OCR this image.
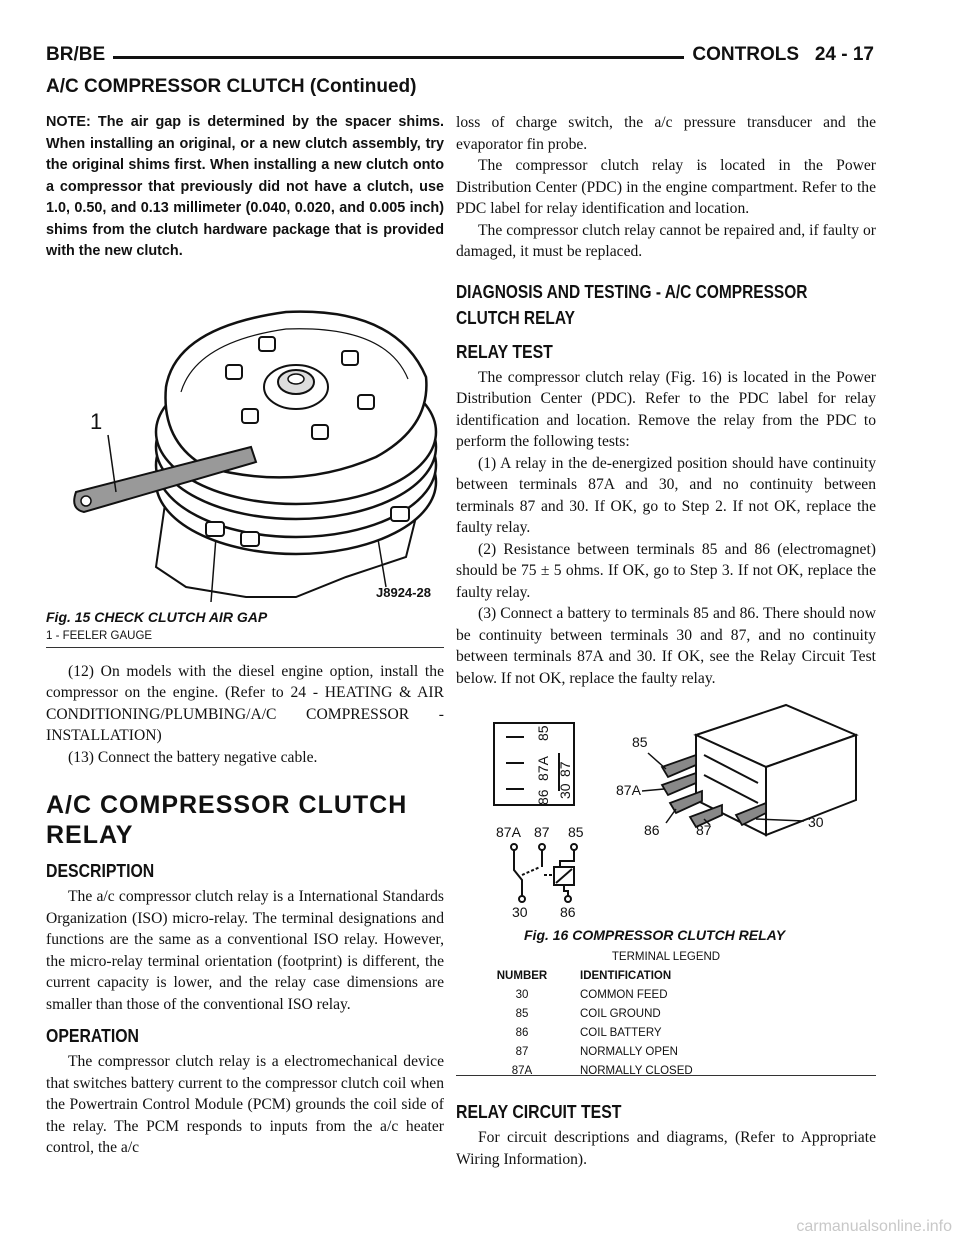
BR/BE	CONTROLS 24 - 17
A/C COMPRESSOR CLUTCH (Continued)

NOTE: The air gap is determined by the spacer shims. When installing an original, or a new clutch assembly, try the original shims first. When installing a new clutch onto a compressor that previously did not have a clutch, use 1.0, 0.50, and 0.13 millimeter (0.040, 0.020, and 0.005 inch) shims from the clutch hardware package that is provided with the new clutch.

1
J8924-28
Fig. 15 CHECK CLUTCH AIR GAP
1 - FEELER GAUGE

(12) On models with the diesel engine option, install the compressor on the engine. (Refer to 24 - HEATING & AIR CONDITIONING/PLUMBING/A/C COMPRESSOR - INSTALLATION)

(13) Connect the battery negative cable.

A/C COMPRESSOR CLUTCH RELAY
DESCRIPTION

The a/c compressor clutch relay is a International Standards Organization (ISO) micro-relay. The terminal designations and functions are the same as a conventional ISO relay. However, the micro-relay terminal orientation (footprint) is different, the current capacity is lower, and the relay case dimensions are smaller than those of the conventional ISO relay.

OPERATION

The compressor clutch relay is a electromechanical device that switches battery current to the compressor clutch coil when the Powertrain Control Module (PCM) grounds the coil side of the relay. The PCM responds to inputs from the a/c heater control, the a/c

loss of charge switch, the a/c pressure transducer and the evaporator fin probe.

The compressor clutch relay is located in the Power Distribution Center (PDC) in the engine compartment. Refer to the PDC label for relay identification and location.

The compressor clutch relay cannot be repaired and, if faulty or damaged, it must be replaced.

DIAGNOSIS AND TESTING - A/C COMPRESSOR
CLUTCH RELAY
RELAY TEST

The compressor clutch relay (Fig. 16) is located in the Power Distribution Center (PDC). Refer to the PDC label for relay identification and location. Remove the relay from the PDC to perform the following tests:

(1) A relay in the de-energized position should have continuity between terminals 87A and 30, and no continuity between terminals 87 and 30. If OK, go to Step 2. If not OK, replace the faulty relay.

(2) Resistance between terminals 85 and 86 (electromagnet) should be 75 ± 5 ohms. If OK, go to Step 3. If not OK, replace the faulty relay.

(3) Connect a battery to terminals 85 and 86. There should now be continuity between terminals 30 and 87, and no continuity between terminals 87A and 30. If OK, see the Relay Circuit Test below. If not OK, replace the faulty relay.

85
87A
86
87
30
87A 87 85
30 86
85
87A
86	87	30
Fig. 16 COMPRESSOR CLUTCH RELAY
TERMINAL LEGEND
NUMBER	IDENTIFICATION
30	COMMON FEED
85	COIL GROUND
86	COIL BATTERY
87	NORMALLY OPEN
87A	NORMALLY CLOSED
RELAY CIRCUIT TEST

For circuit descriptions and diagrams, (Refer to Appropriate Wiring Information).

carmanualsonline.info
